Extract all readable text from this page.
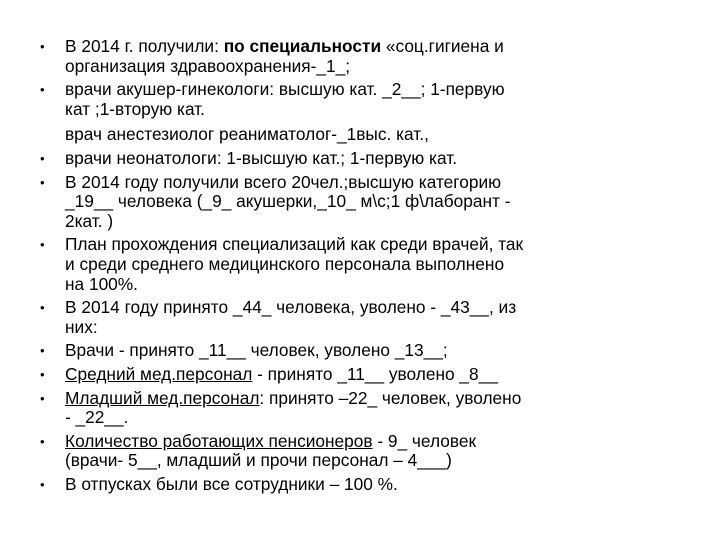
• В 2014 г. получили: по специальности «соц.гигиена и
организация здравоохранения-_1_;
• врачи акушер-гинекологи: высшую кат. _2__; 1-первую
кат ;1-вторую кат.
врач анестезиолог реаниматолог-_1выс. кат.,
• врачи неонатологи: 1-высшую кат.; 1-первую кат.
• В 2014 году получили всего 20чел.;высшую категорию
_19__ человека (_9_ акушерки,_10_ м\с;1 ф\лаборант -
2кат. )
• План прохождения специализаций как среди врачей, так
и среди среднего медицинского персонала выполнено
на 100%.
• В 2014 году принято _44_ человека, уволено - _43__, из
них:
• Врачи - принято _11__ человек, уволено _13__;
• Средний мед.персонал - принято _11__ уволено _8__
• Младший мед.персонал: принято –22_ человек, уволено
- _22__.
• Количество работающих пенсионеров - 9_ человек
(врачи- 5__, младший и прочи персонал – 4___)
• В отпусках были все сотрудники – 100 %.
